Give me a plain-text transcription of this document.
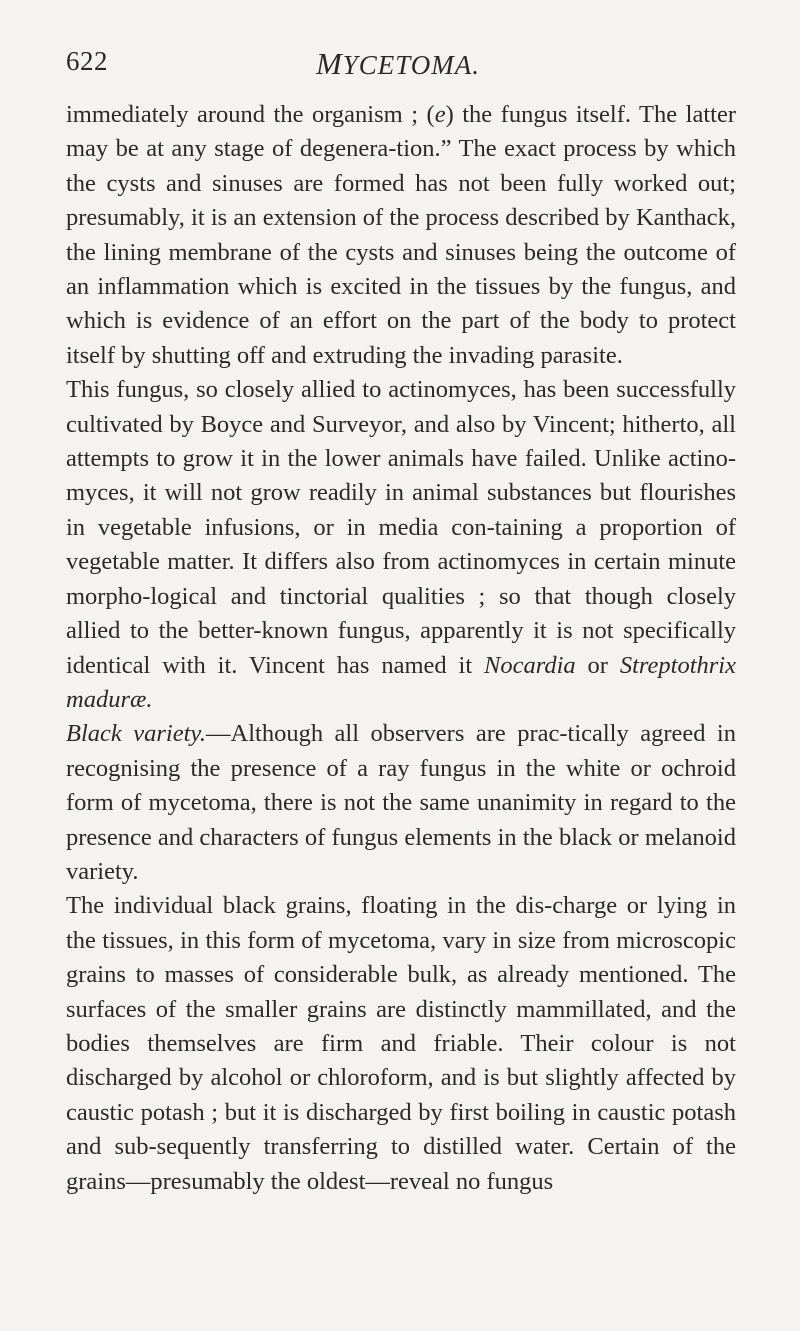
622	MYCETOMA.

immediately around the organism ; (e) the fungus itself. The latter may be at any stage of degenera-tion.” The exact process by which the cysts and sinuses are formed has not been fully worked out; presumably, it is an extension of the process described by Kanthack, the lining membrane of the cysts and sinuses being the outcome of an inflammation which is excited in the tissues by the fungus, and which is evidence of an effort on the part of the body to protect itself by shutting off and extruding the invading parasite.

This fungus, so closely allied to actinomyces, has been successfully cultivated by Boyce and Surveyor, and also by Vincent; hitherto, all attempts to grow it in the lower animals have failed. Unlike actino-myces, it will not grow readily in animal substances but flourishes in vegetable infusions, or in media con-taining a proportion of vegetable matter. It differs also from actinomyces in certain minute morpho-logical and tinctorial qualities ; so that though closely allied to the better-known fungus, apparently it is not specifically identical with it. Vincent has named it Nocardia or Streptothrix maduræ.

Black variety.—Although all observers are prac-tically agreed in recognising the presence of a ray fungus in the white or ochroid form of mycetoma, there is not the same unanimity in regard to the presence and characters of fungus elements in the black or melanoid variety.

The individual black grains, floating in the dis-charge or lying in the tissues, in this form of mycetoma, vary in size from microscopic grains to masses of considerable bulk, as already mentioned. The surfaces of the smaller grains are distinctly mammillated, and the bodies themselves are firm and friable. Their colour is not discharged by alcohol or chloroform, and is but slightly affected by caustic potash ; but it is discharged by first boiling in caustic potash and sub-sequently transferring to distilled water. Certain of the grains—presumably the oldest—reveal no fungus
